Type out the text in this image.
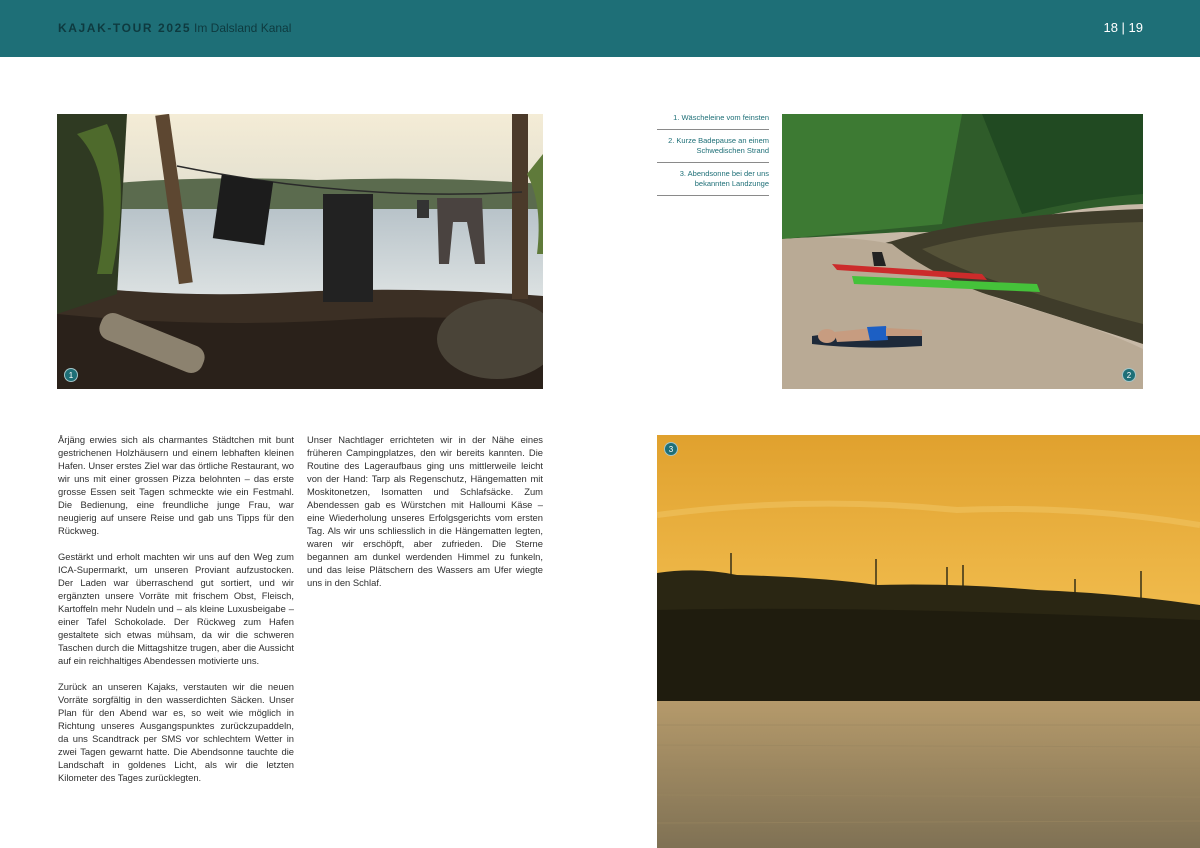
KAJAK-TOUR 2025 Im Dalsland Kanal	18 | 19
1
1. Wäscheleine vom feinsten
2. Kurze Badepause an einem Schwedischen Strand
3. Abendsonne bei der uns bekannten Landzunge
2

Årjäng erwies sich als charmantes Städtchen mit bunt gestrichenen Holzhäusern und einem lebhaften kleinen Hafen. Unser erstes Ziel war das örtliche Restaurant, wo wir uns mit einer grossen Pizza belohnten – das erste grosse Essen seit Tagen schmeckte wie ein Festmahl. Die Bedienung, eine freundliche junge Frau, war neugierig auf unsere Reise und gab uns Tipps für den Rückweg.

Gestärkt und erholt machten wir uns auf den Weg zum ICA-Supermarkt, um unseren Proviant aufzustocken. Der Laden war überraschend gut sortiert, und wir ergänzten unsere Vorräte mit frischem Obst, Fleisch, Kartoffeln mehr Nudeln und – als kleine Luxusbeigabe – einer Tafel Schokolade. Der Rückweg zum Hafen gestaltete sich etwas mühsam, da wir die schweren Taschen durch die Mittagshitze trugen, aber die Aussicht auf ein reichhaltiges Abendessen motivierte uns.

Zurück an unseren Kajaks, verstauten wir die neuen Vorräte sorgfältig in den wasserdichten Säcken. Unser Plan für den Abend war es, so weit wie möglich in Richtung unseres Ausgangspunktes zurückzupaddeln, da uns Scandtrack per SMS vor schlechtem Wetter in zwei Tagen gewarnt hatte. Die Abendsonne tauchte die Landschaft in goldenes Licht, als wir die letzten Kilometer des Tages zurücklegten.

Unser Nachtlager errichteten wir in der Nähe eines früheren Campingplatzes, den wir bereits kannten. Die Routine des Lageraufbaus ging uns mittlerweile leicht von der Hand: Tarp als Regenschutz, Hängematten mit Moskitonetzen, Isomatten und Schlafsäcke. Zum Abendessen gab es Würstchen mit Halloumi Käse – eine Wiederholung unseres Erfolgsgerichts vom ersten Tag. Als wir uns schliesslich in die Hängematten legten, waren wir erschöpft, aber zufrieden. Die Sterne begannen am dunkel werdenden Himmel zu funkeln, und das leise Plätschern des Wassers am Ufer wiegte uns in den Schlaf.

3
